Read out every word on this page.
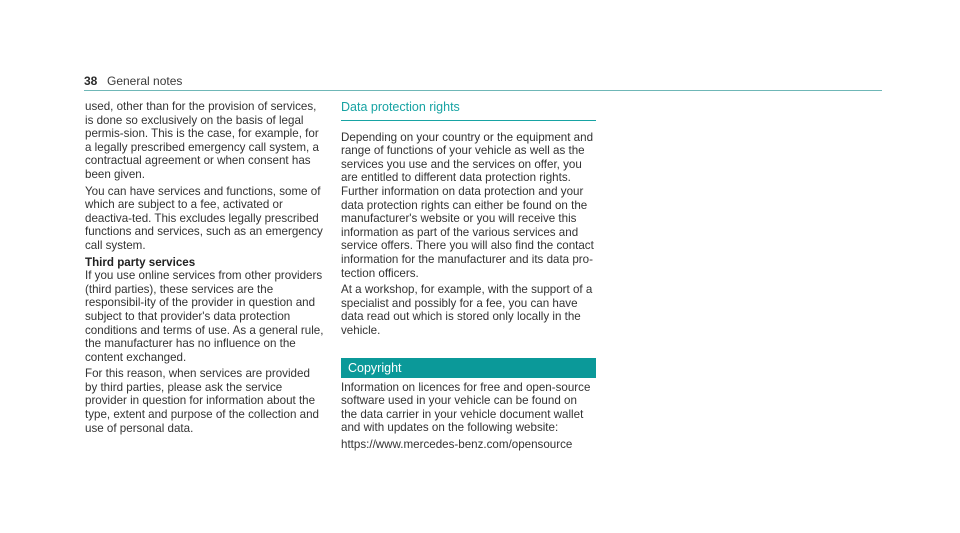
38 General notes

used, other than for the provision of services, is done so exclusively on the basis of legal permis-sion. This is the case, for example, for a legally prescribed emergency call system, a contractual agreement or when consent has been given.

You can have services and functions, some of which are subject to a fee, activated or deactiva-ted. This excludes legally prescribed functions and services, such as an emergency call system.

Third party services

If you use online services from other providers (third parties), these services are the responsibil-ity of the provider in question and subject to that provider's data protection conditions and terms of use. As a general rule, the manufacturer has no influence on the content exchanged.

For this reason, when services are provided by third parties, please ask the service provider in question for information about the type, extent and purpose of the collection and use of personal data.

Data protection rights

Depending on your country or the equipment and range of functions of your vehicle as well as the services you use and the services on offer, you are entitled to different data protection rights. Further information on data protection and your data protection rights can either be found on the manufacturer's website or you will receive this information as part of the various services and service offers. There you will also find the contact information for the manufacturer and its data pro-tection officers.

At a workshop, for example, with the support of a specialist and possibly for a fee, you can have data read out which is stored only locally in the vehicle.

Copyright

Information on licences for free and open-source software used in your vehicle can be found on the data carrier in your vehicle document wallet and with updates on the following website:

https://www.mercedes-benz.com/opensource
